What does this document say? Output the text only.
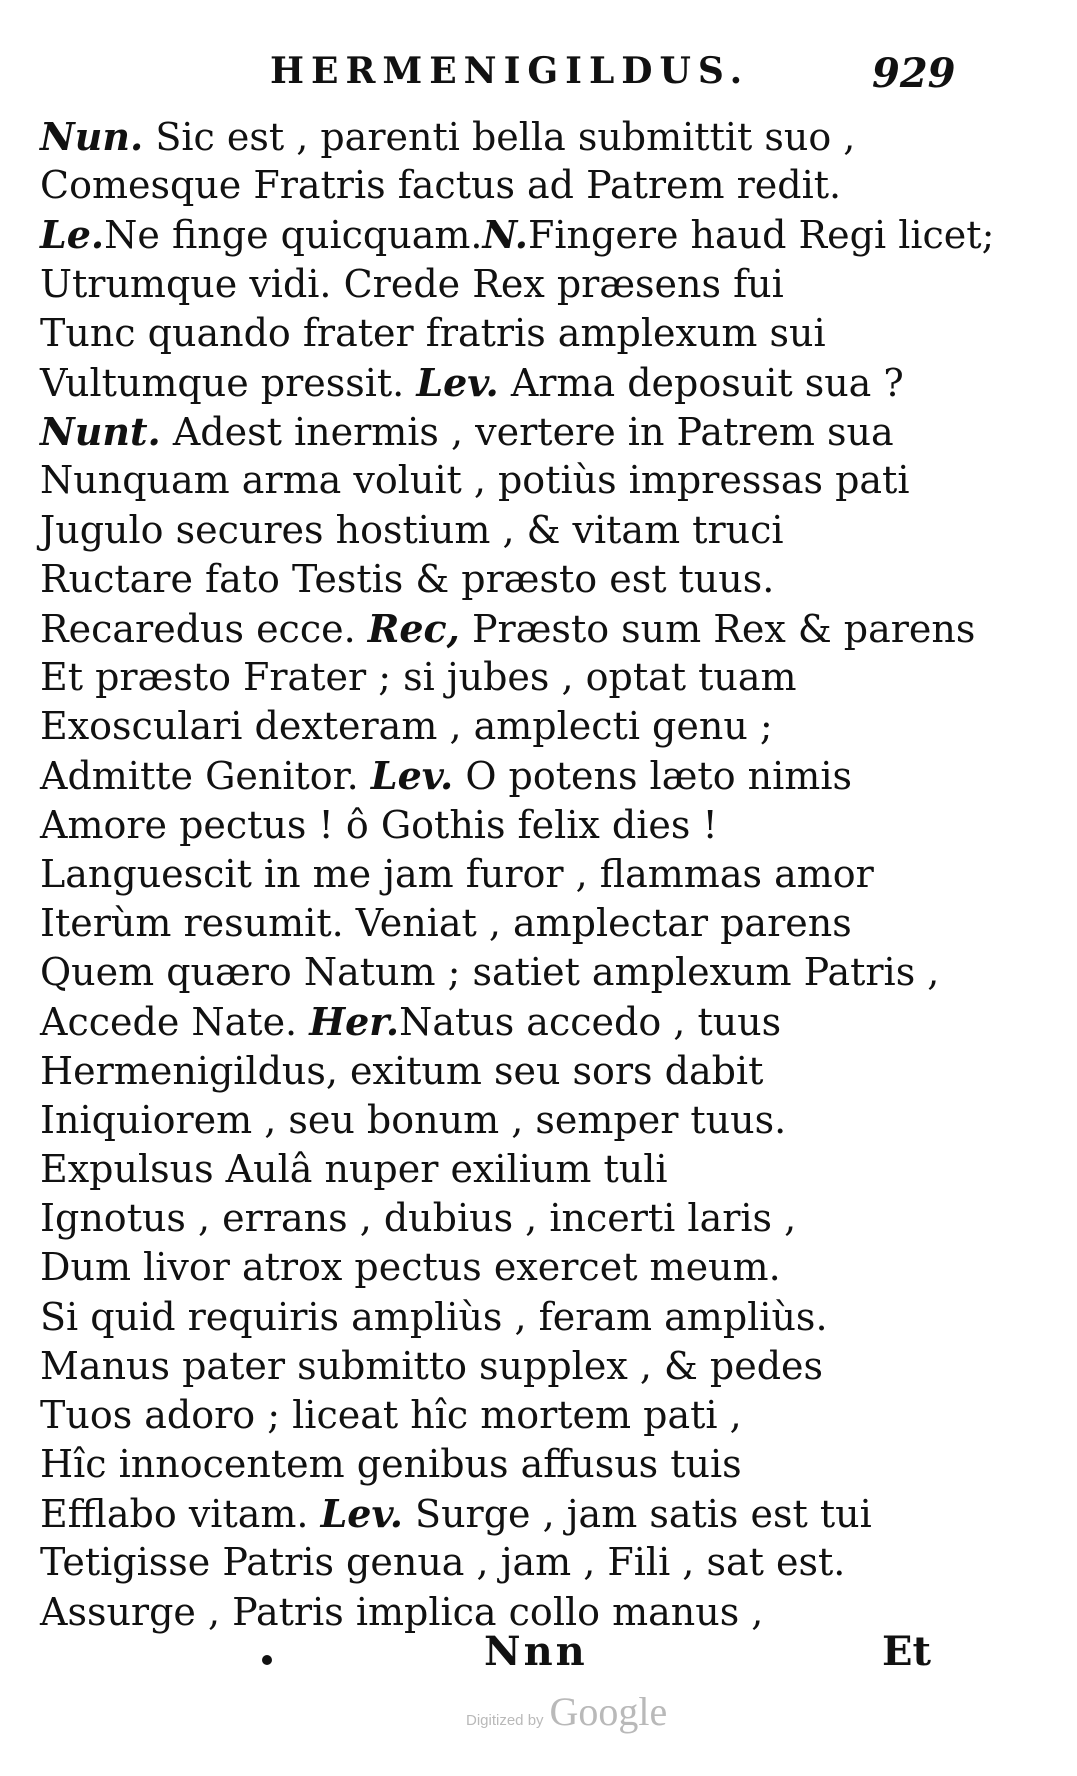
HERMENIGILDUS.	929
Nun. Sic est , parenti bella submittit suo ,
Comesque Fratris factus ad Patrem redit.
Le.Ne finge quicquam.N.Fingere haud Regi licet;
Utrumque vidi. Crede Rex præsens fui
Tunc quando frater fratris amplexum sui
Vultumque pressit. Lev. Arma deposuit sua ?
Nunt. Adest inermis , vertere in Patrem sua
Nunquam arma voluit , potiùs impressas pati
Jugulo secures hostium , & vitam truci
Ructare fato Testis & præsto est tuus.
Recaredus ecce. Rec, Præsto sum Rex & parens
Et præsto Frater ; si jubes , optat tuam
Exosculari dexteram , amplecti genu ;
Admitte Genitor. Lev. O potens læto nimis
Amore pectus ! ô Gothis felix dies !
Languescit in me jam furor , flammas amor
Iterùm resumit. Veniat , amplectar parens
Quem quæro Natum ; satiet amplexum Patris ,
Accede Nate. Her.Natus accedo , tuus
Hermenigildus, exitum seu sors dabit
Iniquiorem , seu bonum , semper tuus.
Expulsus Aulâ nuper exilium tuli
Ignotus , errans , dubius , incerti laris ,
Dum livor atrox pectus exercet meum.
Si quid requiris ampliùs , feram ampliùs.
Manus pater submitto supplex , & pedes
Tuos adoro ; liceat hîc mortem pati ,
Hîc innocentem genibus affusus tuis
Efflabo vitam. Lev. Surge , jam satis est tui
Tetigisse Patris genua , jam , Fili , sat est.
Assurge , Patris implica collo manus ,
Nnn	Et
Digitized by Google
